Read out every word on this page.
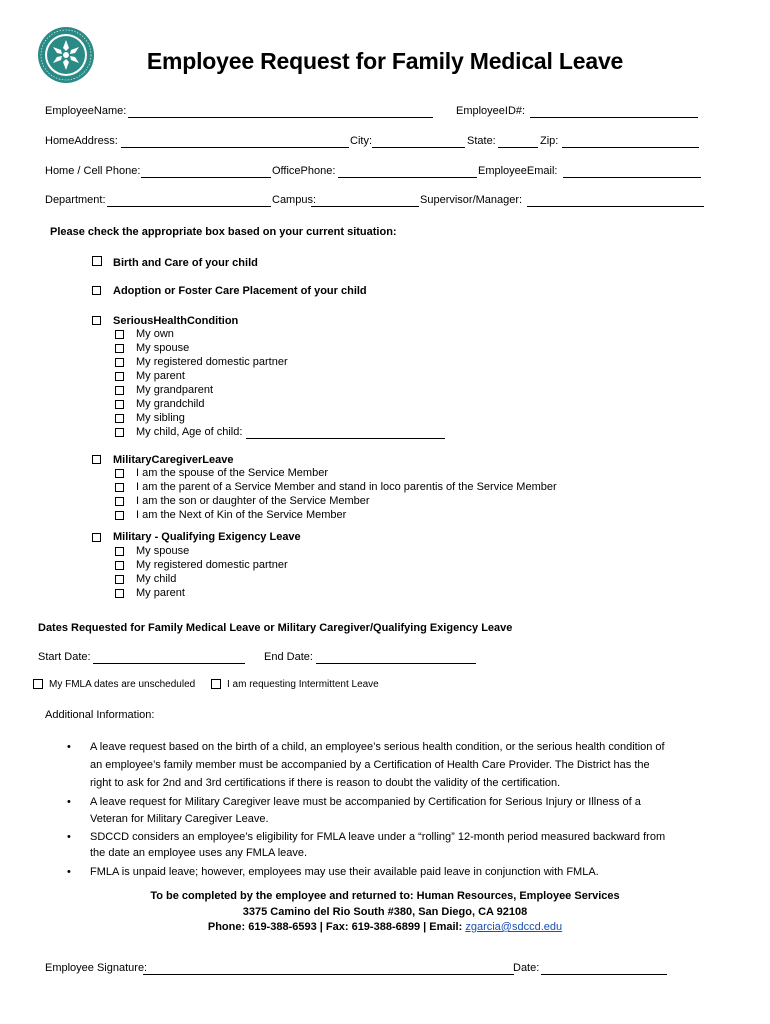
Employee Request for Family Medical Leave
EmployeeName:	EmployeeID#:
HomeAddress:	City:	State:	Zip:
Home / Cell Phone:	OfficePhone:	EmployeeEmail:
Department:	Campus:	Supervisor/Manager:
Please check the appropriate box based on your current situation:
Birth and Care of your child
Adoption or Foster Care Placement of your child
SeriousHealthCondition
My own
My spouse
My registered domestic partner
My parent
My grandparent
My grandchild
My sibling
My child, Age of child:
MilitaryCaregiverLeave
I am the spouse of the Service Member
I am the parent of a Service Member and stand in loco parentis of the Service Member
I am the son or daughter of the Service Member
I am the Next of Kin of the Service Member
Military - Qualifying Exigency Leave
My spouse
My registered domestic partner
My child
My parent
Dates Requested for Family Medical Leave or Military Caregiver/Qualifying Exigency Leave
Start Date:	End Date:
My FMLA dates are unscheduled	I am requesting Intermittent Leave
Additional Information:
• A leave request based on the birth of a child, an employee’s serious health condition, or the serious health condition of
an employee’s family member must be accompanied by a Certification of Health Care Provider. The District has the
right to ask for 2nd and 3rd certifications if there is reason to doubt the validity of the certification.
• A leave request for Military Caregiver leave must be accompanied by Certification for Serious Injury or Illness of a
Veteran for Military Caregiver Leave.
• SDCCD considers an employee’s eligibility for FMLA leave under a “rolling” 12-month period measured backward from
the date an employee uses any FMLA leave.
• FMLA is unpaid leave; however, employees may use their available paid leave in conjunction with FMLA.
To be completed by the employee and returned to: Human Resources, Employee Services
3375 Camino del Rio South #380, San Diego, CA 92108
Phone: 619-388-6593 | Fax: 619-388-6899 | Email: zgarcia@sdccd.edu
Employee Signature:	Date:
